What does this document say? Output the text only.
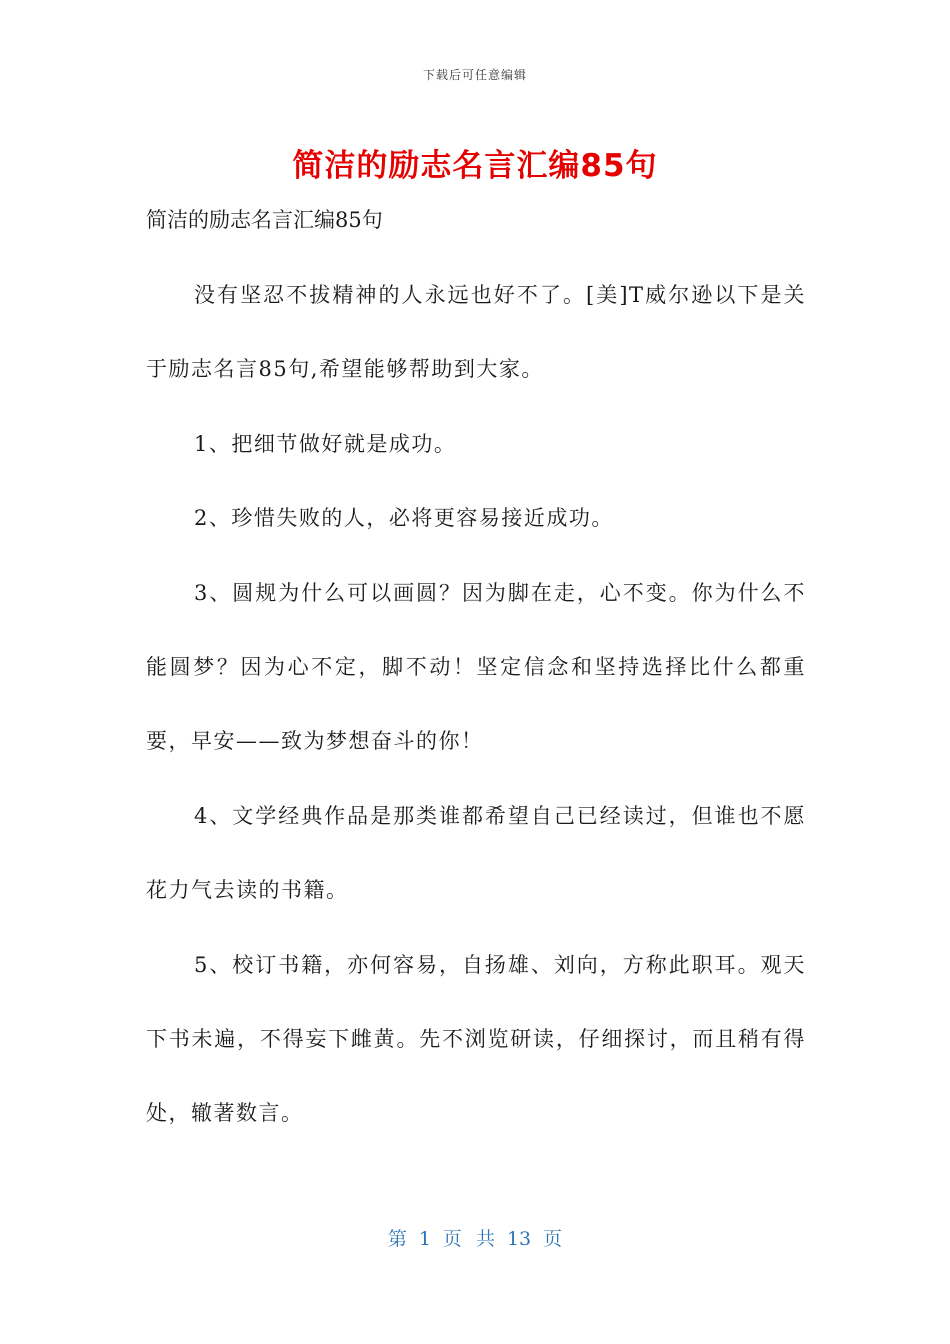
下载后可任意编辑
简洁的励志名言汇编85句
简洁的励志名言汇编85句

没有坚忍不拔精神的人永远也好不了。[美]T威尔逊以下是关于励志名言85句,希望能够帮助到大家。

1、把细节做好就是成功。

2、珍惜失败的人，必将更容易接近成功。

3、圆规为什么可以画圆？因为脚在走，心不变。你为什么不能圆梦？因为心不定，脚不动！坚定信念和坚持选择比什么都重要，早安——致为梦想奋斗的你！

4、文学经典作品是那类谁都希望自己已经读过，但谁也不愿花力气去读的书籍。

5、校订书籍，亦何容易，自扬雄、刘向，方称此职耳。观天下书未遍，不得妄下雌黄。先不浏览研读，仔细探讨，而且稍有得处，辙著数言。

第 1 页 共 13 页
